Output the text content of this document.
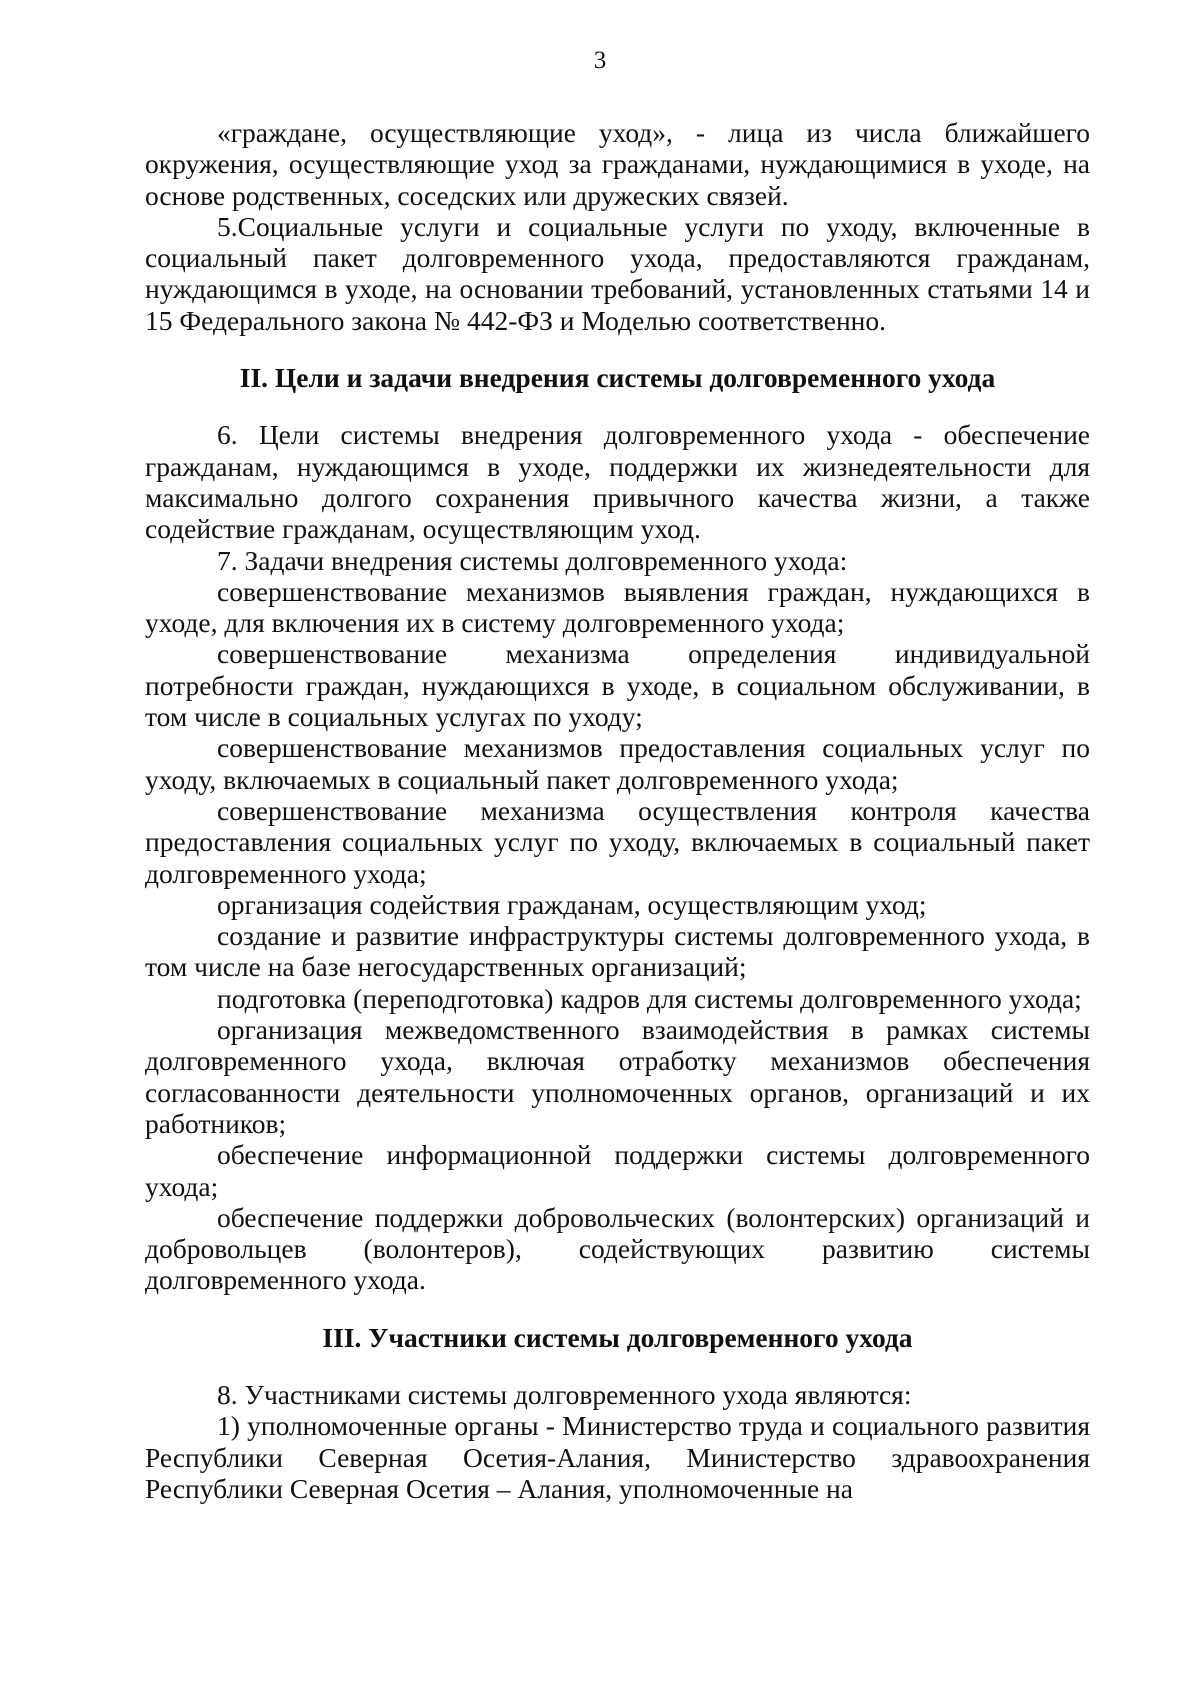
3

«граждане, осуществляющие уход», - лица из числа ближайшего окружения, осуществляющие уход за гражданами, нуждающимися в уходе, на основе родственных, соседских или дружеских связей.

5.Социальные услуги и социальные услуги по уходу, включенные в социальный пакет долговременного ухода, предоставляются гражданам, нуждающимся в уходе, на основании требований, установленных статьями 14 и 15 Федерального закона № 442-ФЗ и Моделью соответственно.

II. Цели и задачи внедрения системы долговременного ухода

6. Цели системы внедрения долговременного ухода - обеспечение гражданам, нуждающимся в уходе, поддержки их жизнедеятельности для максимально долгого сохранения привычного качества жизни, а также содействие гражданам, осуществляющим уход.

7. Задачи внедрения системы долговременного ухода:

совершенствование механизмов выявления граждан, нуждающихся в уходе, для включения их в систему долговременного ухода;

совершенствование механизма определения индивидуальной потребности граждан, нуждающихся в уходе, в социальном обслуживании, в том числе в социальных услугах по уходу;

совершенствование механизмов предоставления социальных услуг по уходу, включаемых в социальный пакет долговременного ухода;

совершенствование механизма осуществления контроля качества предоставления социальных услуг по уходу, включаемых в социальный пакет долговременного ухода;

организация содействия гражданам, осуществляющим уход;

создание и развитие инфраструктуры системы долговременного ухода, в том числе на базе негосударственных организаций;

подготовка (переподготовка) кадров для системы долговременного ухода;

организация межведомственного взаимодействия в рамках системы долговременного ухода, включая отработку механизмов обеспечения согласованности деятельности уполномоченных органов, организаций и их работников;

обеспечение информационной поддержки системы долговременного ухода;

обеспечение поддержки добровольческих (волонтерских) организаций и добровольцев (волонтеров), содействующих развитию системы долговременного ухода.

III. Участники системы долговременного ухода

8. Участниками системы долговременного ухода являются:

1) уполномоченные органы - Министерство труда и социального развития Республики Северная Осетия-Алания, Министерство здравоохранения Республики Северная Осетия – Алания, уполномоченные на
